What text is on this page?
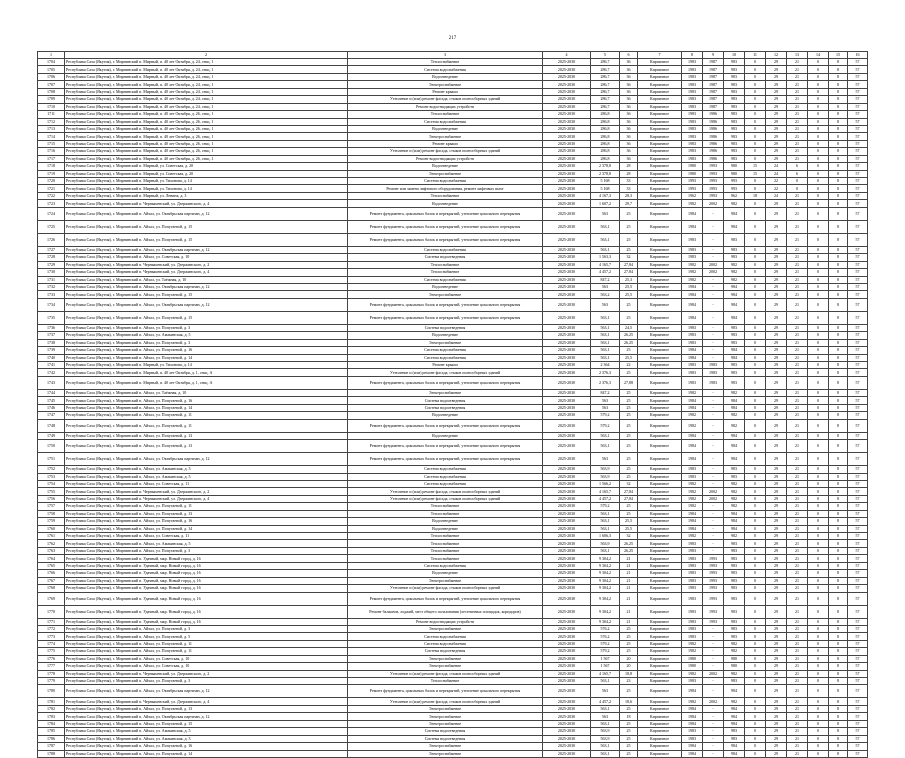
217
1	2	3	4	5	6	7	8	9	10	11	12	13	14	15	16
1704	Республика Саха (Якутия), г. Мирнинский п. Мирный, п. 40 лет Октября, д. 24, секц. 1	Теплоснабжение	2025-2030	286,7	36	Кирпичное	1983	1987	983	0	29	21	0	8	57
1705	Республика Саха (Якутия), г. Мирнинский п. Мирный, п. 40 лет Октября, д. 24, секц. 1	Система водоснабжения	2025-2030	286,7	36	Кирпичное	1983	1987	983	0	29	21	0	8	57
1706	Республика Саха (Якутия), г. Мирнинский п. Мирный, п. 40 лет Октября, д. 24, секц. 1	Водоотведение	2025-2030	286,7	36	Кирпичное	1983	1987	983	0	29	21	0	8	57
1707	Республика Саха (Якутия), г. Мирнинский п. Мирный, п. 40 лет Октября, д. 24, секц. 1	Электроснабжение	2025-2030	286,7	36	Кирпичное	1983	1987	983	0	29	21	0	8	57
1708	Республика Саха (Якутия), г. Мирнинский п. Мирный, п. 40 лет Октября, д. 24, секц. 1	Ремонт крыши	2025-2030	286,7	36	Кирпичное	1983	1987	983	0	29	21	0	8	57
1709	Республика Саха (Якутия), г. Мирнинский п. Мирный, п. 40 лет Октября, д. 24, секц. 1	Утепление и (или) ремонт фасада, стыков полносборных зданий	2025-2030	286,7	36	Кирпичное	1983	1987	983	0	29	21	0	8	57
1710	Республика Саха (Якутия), г. Мирнинский п. Мирный, п. 40 лет Октября, д. 24, секц. 1	Ремонт водоотводящих устройств	2025-2030	286,7	36	Кирпичное	1983	1987	983	0	29	21	0	8	57
1711	Республика Саха (Якутия), г. Мирнинский п. Мирный, п. 40 лет Октября, д. 26, секц. 1	Теплоснабжение	2025-2030	286,8	36	Кирпичное	1983	1986	983	0	29	21	0	8	57
1712	Республика Саха (Якутия), г. Мирнинский п. Мирный, п. 40 лет Октября, д. 26, секц. 1	Система водоснабжения	2025-2030	286,8	36	Кирпичное	1983	1986	983	0	29	21	0	8	57
1713	Республика Саха (Якутия), г. Мирнинский п. Мирный, п. 40 лет Октября, д. 26, секц. 1	Водоотведение	2025-2030	286,8	36	Кирпичное	1983	1986	983	0	29	21	0	8	57
1714	Республика Саха (Якутия), г. Мирнинский п. Мирный, п. 40 лет Октября, д. 26, секц. 1	Электроснабжение	2025-2030	286,8	36	Кирпичное	1983	1986	983	0	29	21	0	8	57
1715	Республика Саха (Якутия), г. Мирнинский п. Мирный, п. 40 лет Октября, д. 26, секц. 1	Ремонт крыши	2025-2030	286,8	36	Кирпичное	1983	1986	983	0	29	21	0	8	57
1716	Республика Саха (Якутия), г. Мирнинский п. Мирный, п. 40 лет Октября, д. 26, секц. 1	Утепление и (или) ремонт фасада, стыков полносборных зданий	2025-2030	286,8	36	Кирпичное	1983	1986	983	0	29	21	0	8	57
1717	Республика Саха (Якутия), г. Мирнинский п. Мирный, п. 40 лет Октября, д. 26, секц. 1	Ремонт водоотводящих устройств	2025-2030	286,8	36	Кирпичное	1983	1986	983	0	29	21	0	8	57
1718	Республика Саха (Якутия), г. Мирнинский п. Мирный, ул. Советская, д. 20	Водоотведение	2025-2030	2 378,8	28	Кирпичное	1980	1993	980	15	24	6	0	8	57
1719	Республика Саха (Якутия), г. Мирнинский п. Мирный, ул. Советская, д. 20	Электроснабжение	2025-2030	2 378,8	28	Кирпичное	1980	1993	980	15	24	6	0	8	57
1720	Республика Саха (Якутия), г. Мирнинский п. Мирный, ул. Тихонова, д. 14	Система водоснабжения	2025-2030	5 168	33	Кирпичное	1993	1993	993	0	22	0	0	8	57
1721	Республика Саха (Якутия), г. Мирнинский п. Мирный, ул. Тихонова, д. 14	Ремонт или замена лифтового оборудования, ремонт лифтовых шахт	2025-2030	5 168	33	Кирпичное	1993	1993	993	0	22	0	0	8	57
1722	Республика Саха (Якутия), г. Мирнинский п. Мирный, ул. Ленина, д. 3	Теплоснабжение	2025-2030	4 167,3	28,3	Кирпичное	1962	1993	962	18	24	21	0	8	57
1723	Республика Саха (Якутия), г. Мирнинский п. Чернышевский, ул. Дзержинского, д. 4	Водоотведение	2025-2030	1 607,2	29,7	Кирпичное	1982	2002	982	0	29	21	0	8	57
1724	Республика Саха (Якутия), г. Мирнинский п. Айхал, ул. Октябрьская партизан, д. 12	Ремонт фундамента, цокольных балок и перекрытий, утепление цокольного перекрытия	2025-2030	563	25	Кирпичное	1984	-	984	0	29	21	0	8	57
1725	Республика Саха (Якутия), г. Мирнинский п. Айхал, ул. Попугаевой, д. 15	Ремонт фундамента, цокольных балок и перекрытий, утепление цокольного перекрытия	2025-2030	563,1	25	Кирпичное	1984	-	984	0	29	21	0	8	57
1726	Республика Саха (Якутия), г. Мирнинский п. Айхал, ул. Попугаевой, д. 15	Ремонт фундамента, цокольных балок и перекрытий, утепление цокольного перекрытия	2025-2030	563,1	25	Кирпичное	1983	-	983	0	29	21	0	8	57
1727	Республика Саха (Якутия), г. Мирнинский п. Айхал, ул. Октябрьская партизан, д. 12	Система водоснабжения	2025-2030	563,1	25	Кирпичное	1983	-	983	0	29	21	0	8	57
1728	Республика Саха (Якутия), г. Мирнинский п. Айхал, ул. Советская, д. 10	Система водоотведения	2025-2030	1 563,3	32	Кирпичное	1983	-	983	0	29	21	0	8	57
1729	Республика Саха (Якутия), г. Мирнинский п. Чернышевский, ул. Дзержинского, д. 2	Теплоснабжение	2025-2030	4 165,7	27,84	Кирпичное	1982	2002	982	0	29	21	0	8	57
1730	Республика Саха (Якутия), г. Мирнинский п. Чернышевский, ул. Дзержинского, д. 4	Теплоснабжение	2025-2030	4 457,2	27,84	Кирпичное	1982	2002	982	0	29	21	0	8	57
1731	Республика Саха (Якутия), г. Мирнинский п. Айхал, ул. Таёжная, д. 10	Система водоснабжения	2025-2030	847,2	25,3	Кирпичное	1982	-	982	0	29	21	0	8	57
1732	Республика Саха (Якутия), г. Мирнинский п. Айхал, ул. Октябрьская партизан, д. 12	Водоотведение	2025-2030	563	25,5	Кирпичное	1984	-	984	0	29	21	0	8	57
1733	Республика Саха (Якутия), г. Мирнинский п. Айхал, ул. Попугаевой, д. 15	Электроснабжение	2025-2030	563,2	25,5	Кирпичное	1984	-	984	0	29	21	0	8	57
1734	Республика Саха (Якутия), г. Мирнинский п. Айхал, ул. Октябрьская партизан, д. 12	Ремонт фундамента, цокольных балок и перекрытий, утепление цокольного перекрытия	2025-2030	563	25	Кирпичное	1984	-	984	0	29	21	0	8	57
1735	Республика Саха (Якутия), г. Мирнинский п. Айхал, ул. Попугаевой, д. 15	Ремонт фундамента, цокольных балок и перекрытий, утепление цокольного перекрытия	2025-2030	563,1	25	Кирпичное	1984	-	984	0	29	21	0	8	57
1736	Республика Саха (Якутия), г. Мирнинский п. Айхал, ул. Попугаевой, д. 3	Система водоотведения	2025-2030	563,1	24,5	Кирпичное	1983	-	983	0	29	21	0	8	57
1737	Республика Саха (Якутия), г. Мирнинский п. Айхал, ул. Амакинская, д. 5	Водоотведение	2025-2030	563,1	26,25	Кирпичное	1983	-	983	0	29	21	0	8	57
1738	Республика Саха (Якутия), г. Мирнинский п. Айхал, ул. Попугаевой, д. 3	Электроснабжение	2025-2030	563,1	26,25	Кирпичное	1983	-	983	0	29	21	0	8	57
1739	Республика Саха (Якутия), г. Мирнинский п. Айхал, ул. Попугаевой, д. 16	Система водоснабжения	2025-2030	563,1	25	Кирпичное	1984	-	984	0	29	21	0	8	57
1740	Республика Саха (Якутия), г. Мирнинский п. Айхал, ул. Попугаевой, д. 14	Система водоснабжения	2025-2030	563,1	25,5	Кирпичное	1984	-	984	0	29	21	0	8	57
1741	Республика Саха (Якутия), г. Мирнинский п. Мирный, ул. Тихонова, д. 14	Ремонт крыши	2025-2030	2 364	22	Кирпичное	1983	1983	983	0	29	21	0	8	57
1742	Республика Саха (Якутия), г. Мирнинский п. Мирный, п. 40 лет Октября, д. 1, секц. А	Утепление и (или) ремонт фасада, стыков полносборных зданий	2025-2030	2 376,3	25	Кирпичное	1983	1983	983	0	29	21	0	8	57
1743	Республика Саха (Якутия), г. Мирнинский п. Мирный, п. 40 лет Октября, д. 1, секц. А	Ремонт фундамента, цокольных балок и перекрытий, утепление цокольного перекрытия	2025-2030	2 376,3	27,88	Кирпичное	1983	1983	983	0	29	21	0	8	57
1744	Республика Саха (Якутия), г. Мирнинский п. Айхал, ул. Таёжная, д. 10	Электроснабжение	2025-2030	847,2	25	Кирпичное	1982	-	982	0	29	21	0	8	57
1745	Республика Саха (Якутия), г. Мирнинский п. Айхал, ул. Попугаевой, д. 16	Система водоотведения	2025-2030	563	25	Кирпичное	1984	-	984	0	29	21	0	8	57
1746	Республика Саха (Якутия), г. Мирнинский п. Айхал, ул. Попугаевой, д. 14	Система водоотведения	2025-2030	563	25	Кирпичное	1984	-	984	0	29	21	0	8	57
1747	Республика Саха (Якутия), г. Мирнинский п. Айхал, ул. Попугаевой, д. 11	Водоотведение	2025-2030	579,2	25	Кирпичное	1982	-	982	0	29	21	0	8	57
1748	Республика Саха (Якутия), г. Мирнинский п. Айхал, ул. Попугаевой, д. 11	Ремонт фундамента, цокольных балок и перекрытий, утепление цокольного перекрытия	2025-2030	579,2	25	Кирпичное	1982	-	982	0	29	21	0	8	57
1749	Республика Саха (Якутия), г. Мирнинский п. Айхал, ул. Попугаевой, д. 13	Водоотведение	2025-2030	563,1	25	Кирпичное	1984	-	984	0	29	21	0	8	57
1750	Республика Саха (Якутия), г. Мирнинский п. Айхал, ул. Попугаевой, д. 13	Ремонт фундамента, цокольных балок и перекрытий, утепление цокольного перекрытия	2025-2030	563,1	25	Кирпичное	1984	-	984	0	29	21	0	8	57
1751	Республика Саха (Якутия), г. Мирнинский п. Айхал, ул. Октябрьская партизан, д. 12	Ремонт фундамента, цокольных балок и перекрытий, утепление цокольного перекрытия	2025-2030	563	25	Кирпичное	1984	-	984	0	29	21	0	8	57
1752	Республика Саха (Якутия), г. Мирнинский п. Айхал, ул. Амакинская, д. 3	Система водоснабжения	2025-2030	563,9	25	Кирпичное	1983	-	983	0	29	21	0	8	57
1753	Республика Саха (Якутия), г. Мирнинский п. Айхал, ул. Амакинская, д. 5	Система водоснабжения	2025-2030	563,9	25	Кирпичное	1983	-	983	0	29	21	0	8	57
1754	Республика Саха (Якутия), г. Мирнинский п. Айхал, ул. Советская, д. 11	Система водоснабжения	2025-2030	1 566,2	32	Кирпичное	1982	-	982	0	29	21	0	8	57
1755	Республика Саха (Якутия), г. Мирнинский п. Чернышевский, ул. Дзержинского, д. 2	Утепление и (или) ремонт фасада, стыков полносборных зданий	2025-2030	4 165,7	27,84	Кирпичное	1982	2002	982	0	29	21	0	8	57
1756	Республика Саха (Якутия), г. Мирнинский п. Чернышевский, ул. Дзержинского, д. 4	Утепление и (или) ремонт фасада, стыков полносборных зданий	2025-2030	4 457,2	27,84	Кирпичное	1982	2002	982	0	29	21	0	8	57
1757	Республика Саха (Якутия), г. Мирнинский п. Айхал, ул. Попугаевой, д. 11	Теплоснабжение	2025-2030	579,2	25	Кирпичное	1982	-	982	0	29	21	0	8	57
1758	Республика Саха (Якутия), г. Мирнинский п. Айхал, ул. Попугаевой, д. 13	Теплоснабжение	2025-2030	563,1	25	Кирпичное	1984	-	984	0	29	21	0	8	57
1759	Республика Саха (Якутия), г. Мирнинский п. Айхал, ул. Попугаевой, д. 16	Водоотведение	2025-2030	563,1	25,5	Кирпичное	1984	-	984	0	29	21	0	8	57
1760	Республика Саха (Якутия), г. Мирнинский п. Айхал, ул. Попугаевой, д. 14	Водоотведение	2025-2030	563,1	25,5	Кирпичное	1984	-	984	0	29	21	0	8	57
1761	Республика Саха (Якутия), г. Мирнинский п. Айхал, ул. Советская, д. 11	Теплоснабжение	2025-2030	1 606,3	32	Кирпичное	1982	-	982	0	29	21	0	8	57
1762	Республика Саха (Якутия), г. Мирнинский п. Айхал, ул. Амакинская, д. 5	Теплоснабжение	2025-2030	563,9	26,25	Кирпичное	1983	-	983	0	29	21	0	8	57
1763	Республика Саха (Якутия), г. Мирнинский п. Айхал, ул. Попугаевой, д. 3	Теплоснабжение	2025-2030	563,1	26,25	Кирпичное	1983	-	983	0	29	21	0	8	57
1764	Республика Саха (Якутия), г. Мирнинский п. Удачный, мкр. Новый город, д. 16	Теплоснабжение	2025-2030	9 304,2	21	Кирпичное	1983	1993	983	0	29	21	0	8	57
1765	Республика Саха (Якутия), г. Мирнинский п. Удачный, мкр. Новый город, д. 16	Система водоснабжения	2025-2030	9 304,2	21	Кирпичное	1983	1993	983	0	29	21	0	8	57
1766	Республика Саха (Якутия), г. Мирнинский п. Удачный, мкр. Новый город, д. 16	Водоотведение	2025-2030	9 304,2	21	Кирпичное	1983	1993	983	0	29	21	0	8	57
1767	Республика Саха (Якутия), г. Мирнинский п. Удачный, мкр. Новый город, д. 16	Электроснабжение	2025-2030	9 304,2	21	Кирпичное	1983	1993	983	0	29	21	0	8	57
1768	Республика Саха (Якутия), г. Мирнинский п. Удачный, мкр. Новый город, д. 16	Утепление и (или) ремонт фасада, стыков полносборных зданий	2025-2030	9 304,2	21	Кирпичное	1983	1993	983	0	29	21	0	8	57
1769	Республика Саха (Якутия), г. Мирнинский п. Удачный, мкр. Новый город, д. 16	Ремонт фундамента, цокольных балок и перекрытий, утепление цокольного перекрытия	2025-2030	9 304,2	21	Кирпичное	1983	1993	983	0	29	21	0	8	57
1770	Республика Саха (Якутия), г. Мирнинский п. Удачный, мкр. Новый город, д. 16	Ремонт балконов, лоджий, мест общего пользования (лестничных площадок, коридоров)	2025-2030	9 304,2	21	Кирпичное	1983	1993	983	0	29	21	0	8	57
1771	Республика Саха (Якутия), г. Мирнинский п. Удачный, мкр. Новый город, д. 16	Ремонт водоотводящих устройств	2025-2030	9 304,2	21	Кирпичное	1983	1993	983	0	29	21	0	8	57
1772	Республика Саха (Якутия), г. Мирнинский п. Айхал, ул. Попугаевой, д. 3	Электроснабжение	2025-2030	576,2	25	Кирпичное	1983	-	983	0	29	21	0	8	57
1773	Республика Саха (Якутия), г. Мирнинский п. Айхал, ул. Попугаевой, д. 5	Система водоснабжения	2025-2030	576,2	25	Кирпичное	1983	-	983	0	29	21	0	8	57
1774	Республика Саха (Якутия), г. Мирнинский п. Айхал, ул. Попугаевой, д. 11	Система водоснабжения	2025-2030	579,2	25	Кирпичное	1982	-	982	0	29	21	0	8	57
1775	Республика Саха (Якутия), г. Мирнинский п. Айхал, ул. Попугаевой, д. 11	Система водоотведения	2025-2030	579,2	25	Кирпичное	1982	-	982	0	29	21	0	8	57
1776	Республика Саха (Якутия), г. Мирнинский п. Айхал, ул. Советская, д. 10	Электроснабжение	2025-2030	1 567	20	Кирпичное	1980	-	980	0	29	21	0	8	57
1777	Республика Саха (Якутия), г. Мирнинский п. Айхал, ул. Советская, д. 10	Электроснабжение	2025-2030	1 567	20	Кирпичное	1980	-	980	0	29	21	0	8	57
1778	Республика Саха (Якутия), г. Мирнинский п. Чернышевский, ул. Дзержинского, д. 2	Утепление и (или) ремонт фасада, стыков полносборных зданий	2025-2030	4 165,7	18,8	Кирпичное	1982	2002	982	0	29	21	0	8	57
1779	Республика Саха (Якутия), г. Мирнинский п. Айхал, ул. Попугаевой, д. 3	Теплоснабжение	2025-2030	563,1	23	Кирпичное	1983	-	983	0	29	21	0	8	57
1780	Республика Саха (Якутия), г. Мирнинский п. Айхал, ул. Октябрьская партизан, д. 12	Ремонт фундамента, цокольных балок и перекрытий, утепление цокольного перекрытия	2025-2030	563	25	Кирпичное	1984	-	984	0	29	21	0	8	57
1781	Республика Саха (Якутия), г. Мирнинский п. Чернышевский, ул. Дзержинского, д. 4	Утепление и (или) ремонт фасада, стыков полносборных зданий	2025-2030	4 457,2	18,6	Кирпичное	1982	2002	982	0	29	21	0	8	57
1782	Республика Саха (Якутия), г. Мирнинский п. Айхал, ул. Попугаевой, д. 13	Электроснабжение	2025-2030	563,1	25	Кирпичное	1984	-	984	0	29	21	0	8	57
1783	Республика Саха (Якутия), г. Мирнинский п. Айхал, ул. Октябрьская партизан, д. 12	Электроснабжение	2025-2030	563	18	Кирпичное	1984	-	984	0	29	21	0	8	57
1784	Республика Саха (Якутия), г. Мирнинский п. Айхал, ул. Попугаевой, д. 15	Электроснабжение	2025-2030	563,1	25	Кирпичное	1984	-	984	0	29	21	0	8	57
1785	Республика Саха (Якутия), г. Мирнинский п. Айхал, ул. Амакинская, д. 5	Система водоотведения	2025-2030	563,9	25	Кирпичное	1983	-	983	0	29	21	0	8	57
1786	Республика Саха (Якутия), г. Мирнинский п. Айхал, ул. Амакинская, д. 3	Система водоотведения	2025-2030	563,9	25	Кирпичное	1983	-	983	0	29	21	0	8	57
1787	Республика Саха (Якутия), г. Мирнинский п. Айхал, ул. Попугаевой, д. 16	Электроснабжение	2025-2030	563,1	25	Кирпичное	1984	-	984	0	29	21	0	8	57
1788	Республика Саха (Якутия), г. Мирнинский п. Айхал, ул. Попугаевой, д. 14	Электроснабжение	2025-2030	563,1	25	Кирпичное	1984	-	984	0	29	21	0	8	57
